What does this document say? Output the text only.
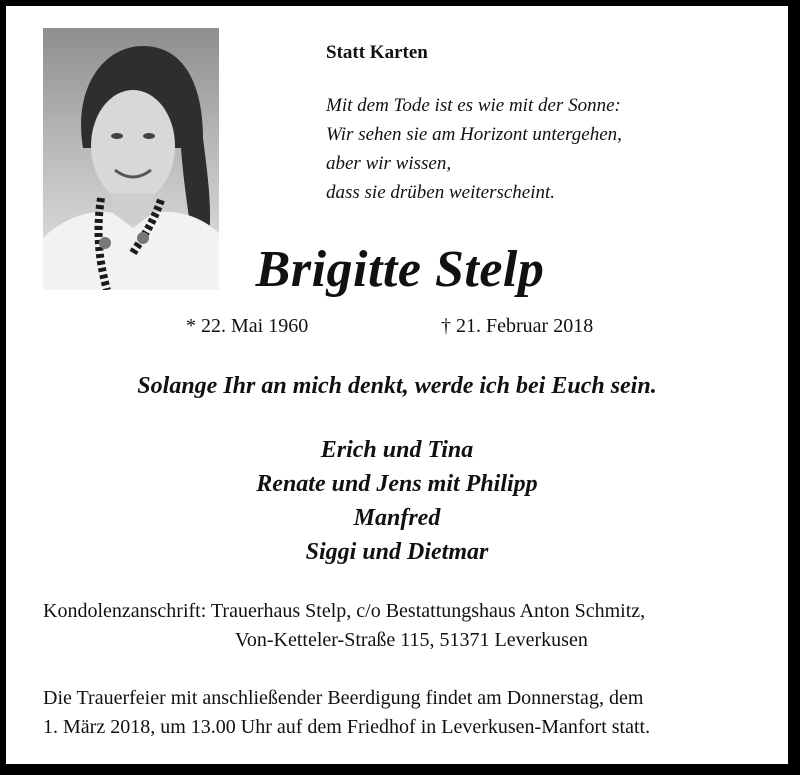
Statt Karten
Mit dem Tode ist es wie mit der Sonne:
Wir sehen sie am Horizont untergehen,
aber wir wissen,
dass sie drüben weiterscheint.
Brigitte Stelp
* 22. Mai 1960	† 21. Februar 2018
Solange Ihr an mich denkt, werde ich bei Euch sein.
Erich und Tina
Renate und Jens mit Philipp
Manfred
Siggi und Dietmar
Kondolenzanschrift: Trauerhaus Stelp, c/o Bestattungshaus Anton Schmitz,
Von-Ketteler-Straße 115, 51371 Leverkusen
Die Trauerfeier mit anschließender Beerdigung findet am Donnerstag, dem
1. März 2018, um 13.00 Uhr auf dem Friedhof in Leverkusen-Manfort statt.
